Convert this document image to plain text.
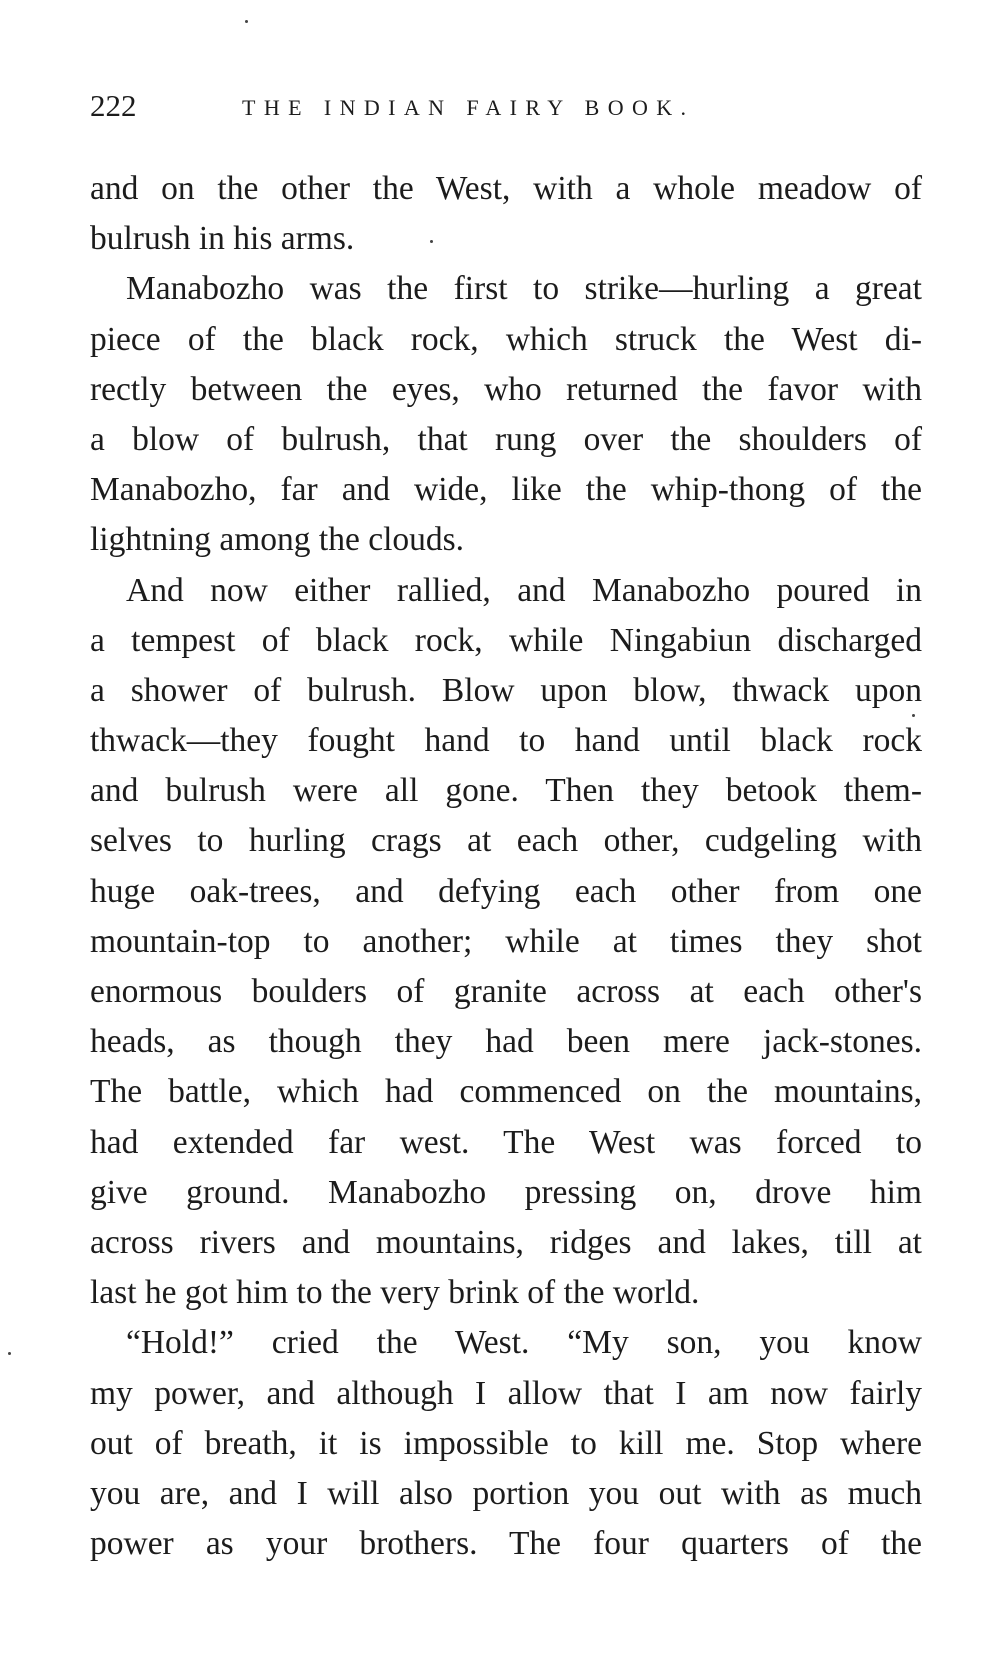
222	THE INDIAN FAIRY BOOK.
and on the other the West, with a whole meadow of
bulrush in his arms.
Manabozho was the first to strike—hurling a great
piece of the black rock, which struck the West di-
rectly between the eyes, who returned the favor with
a blow of bulrush, that rung over the shoulders of
Manabozho, far and wide, like the whip-thong of the
lightning among the clouds.
And now either rallied, and Manabozho poured in
a tempest of black rock, while Ningabiun discharged
a shower of bulrush. Blow upon blow, thwack upon
thwack—they fought hand to hand until black rock
and bulrush were all gone. Then they betook them-
selves to hurling crags at each other, cudgeling with
huge oak-trees, and defying each other from one
mountain-top to another; while at times they shot
enormous boulders of granite across at each other's
heads, as though they had been mere jack-stones.
The battle, which had commenced on the mountains,
had extended far west. The West was forced to
give ground. Manabozho pressing on, drove him
across rivers and mountains, ridges and lakes, till at
last he got him to the very brink of the world.
“Hold!” cried the West. “My son, you know
my power, and although I allow that I am now fairly
out of breath, it is impossible to kill me. Stop where
you are, and I will also portion you out with as much
power as your brothers. The four quarters of the
